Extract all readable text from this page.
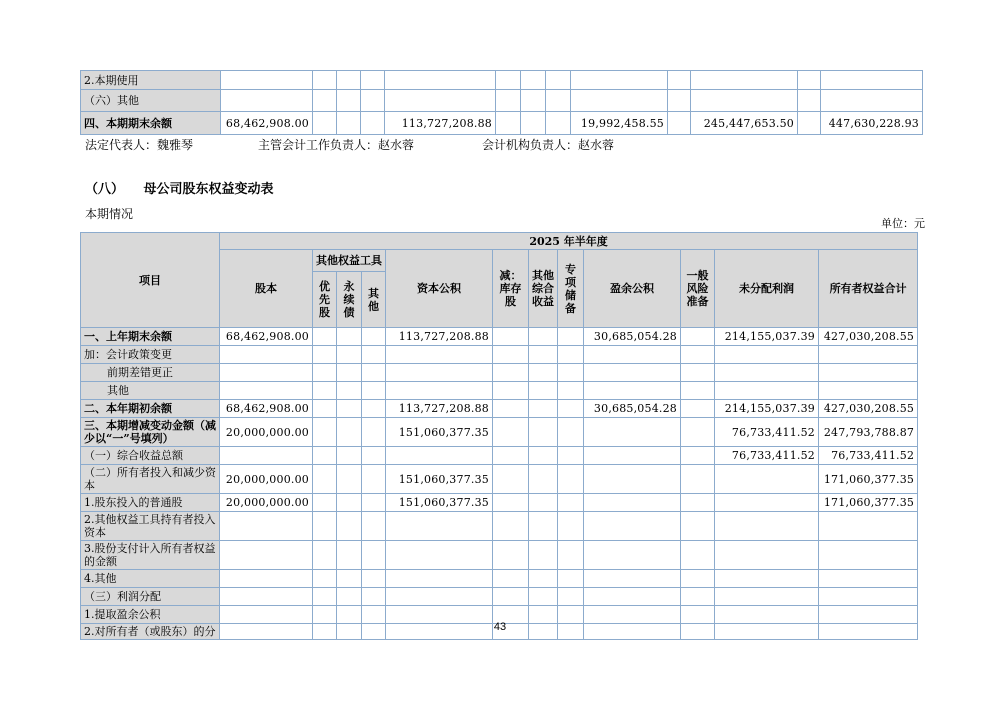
2.本期使用													
（六）其他													
四、本期期末余额	68,462,908.00				113,727,208.88				19,992,458.55		245,447,653.50		447,630,228.93
法定代表人：魏雅琴	主管会计工作负责人：赵水蓉	会计机构负责人：赵水蓉
（八）　　母公司股东权益变动表
本期情况
单位：元
项目	2025 年半年度											
	股本	其他权益工具			资本公积	减：库存股	其他综合收益	专项储备	盈余公积	一般风险准备	未分配利润	所有者权益合计
		优先股	永续债	其他								
一、上年期末余额	68,462,908.00				113,727,208.88				30,685,054.28		214,155,037.39	427,030,208.55
加：会计政策变更												
前期差错更正												
其他												
二、本年期初余额	68,462,908.00				113,727,208.88				30,685,054.28		214,155,037.39	427,030,208.55
三、本期增减变动金额（减少以“一”号填列）	20,000,000.00				151,060,377.35						76,733,411.52	247,793,788.87
（一）综合收益总额											76,733,411.52	76,733,411.52
（二）所有者投入和减少资本	20,000,000.00				151,060,377.35							171,060,377.35
1.股东投入的普通股	20,000,000.00				151,060,377.35							171,060,377.35
2.其他权益工具持有者投入资本												
3.股份支付计入所有者权益的金额												
4.其他												
（三）利润分配												
1.提取盈余公积												
2.对所有者（或股东）的分													43
